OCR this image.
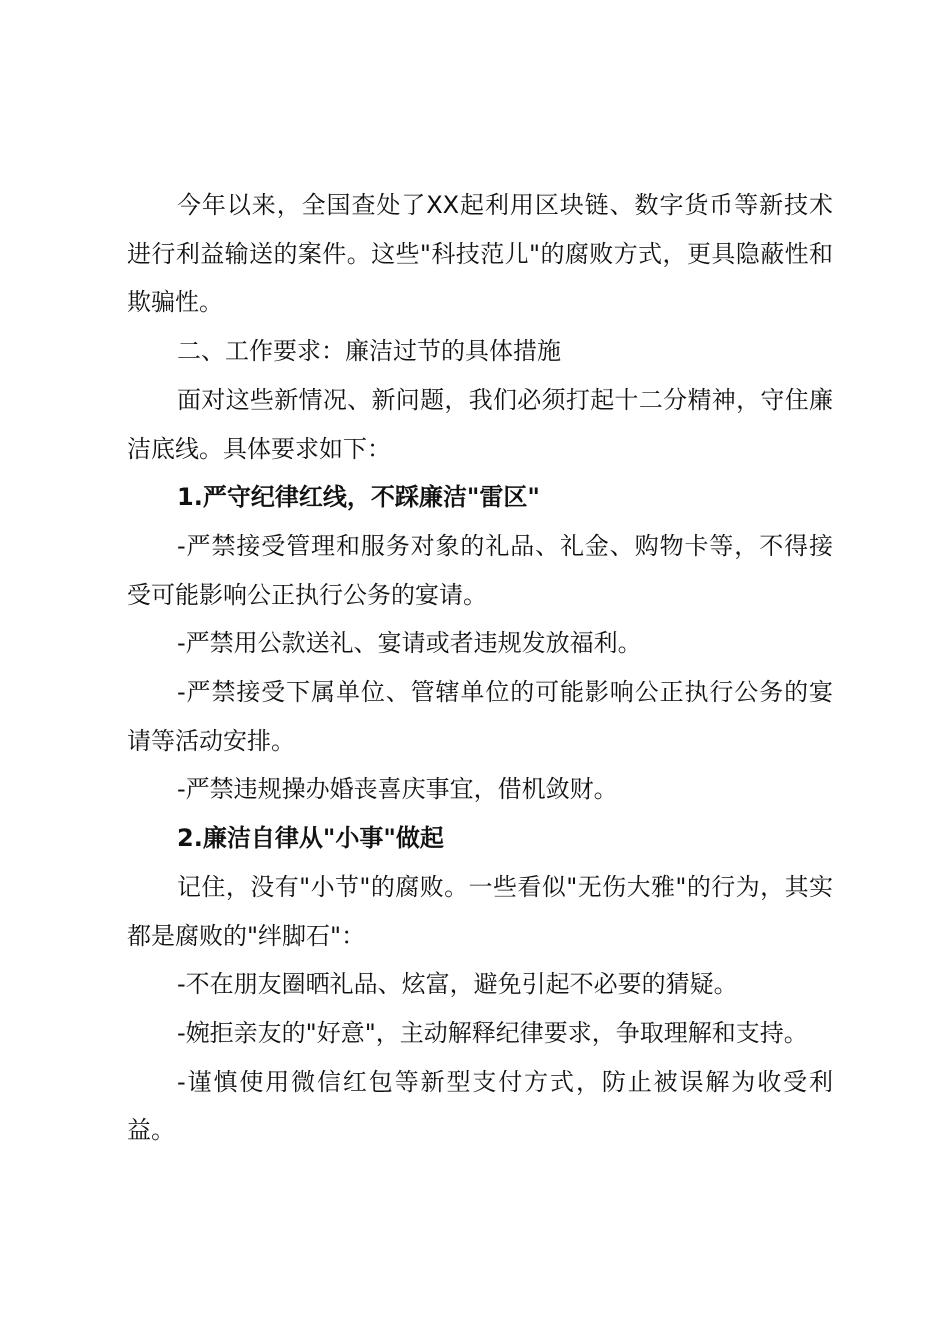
今年以来，全国查处了XX起利用区块链、数字货币等新技术进行利益输送的案件。这些"科技范儿"的腐败方式，更具隐蔽性和欺骗性。

二、工作要求：廉洁过节的具体措施

面对这些新情况、新问题，我们必须打起十二分精神，守住廉洁底线。具体要求如下：

1.严守纪律红线，不踩廉洁"雷区"

-严禁接受管理和服务对象的礼品、礼金、购物卡等，不得接受可能影响公正执行公务的宴请。

-严禁用公款送礼、宴请或者违规发放福利。

-严禁接受下属单位、管辖单位的可能影响公正执行公务的宴请等活动安排。

-严禁违规操办婚丧喜庆事宜，借机敛财。

2.廉洁自律从"小事"做起

记住，没有"小节"的腐败。一些看似"无伤大雅"的行为，其实都是腐败的"绊脚石"：

-不在朋友圈晒礼品、炫富，避免引起不必要的猜疑。

-婉拒亲友的"好意"，主动解释纪律要求，争取理解和支持。

-谨慎使用微信红包等新型支付方式，防止被误解为收受利益。
